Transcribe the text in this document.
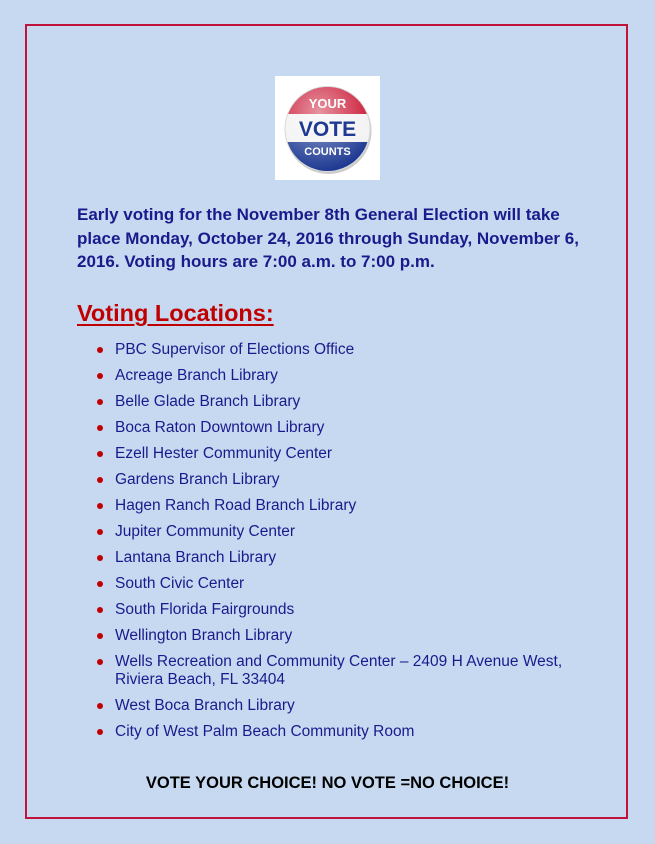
YOUR
VOTE
COUNTS

Early voting for the November 8th General Election will take place Monday, October 24, 2016 through Sunday, November 6, 2016. Voting hours are 7:00 a.m. to 7:00 p.m.

Voting Locations:
PBC Supervisor of Elections Office
Acreage Branch Library
Belle Glade Branch Library
Boca Raton Downtown Library
Ezell Hester Community Center
Gardens Branch Library
Hagen Ranch Road Branch Library
Jupiter Community Center
Lantana Branch Library
South Civic Center
South Florida Fairgrounds
Wellington Branch Library
Wells Recreation and Community Center – 2409 H Avenue West, Riviera Beach, FL 33404
West Boca Branch Library
City of West Palm Beach Community Room

VOTE YOUR CHOICE! NO VOTE =NO CHOICE!
